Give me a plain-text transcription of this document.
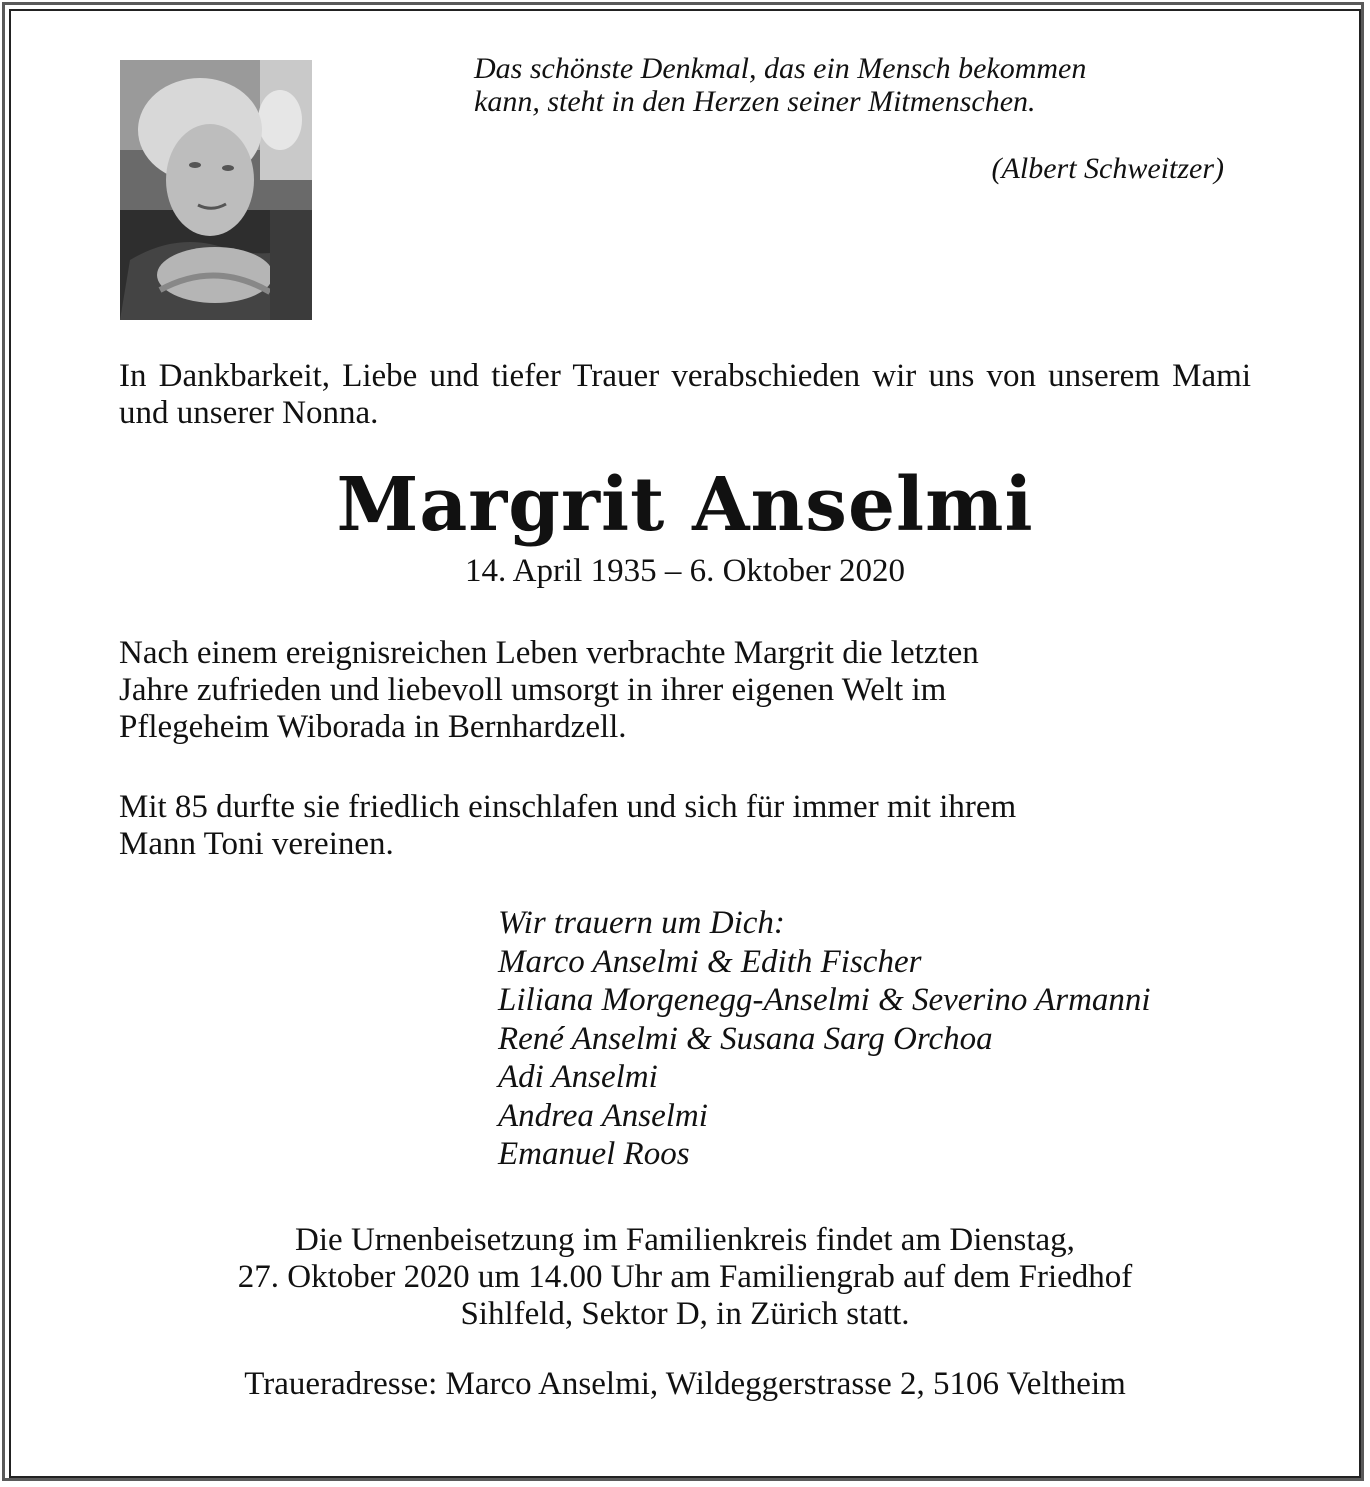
Das schönste Denkmal, das ein Mensch bekommen
kann, steht in den Herzen seiner Mitmenschen.
(Albert Schweitzer)
In Dankbarkeit, Liebe und tiefer Trauer verabschieden wir uns von unserem Mami und unserer Nonna.
Margrit Anselmi
14. April 1935 – 6. Oktober 2020
Nach einem ereignisreichen Leben verbrachte Margrit die letzten
Jahre zufrieden und liebevoll umsorgt in ihrer eigenen Welt im
Pflegeheim Wiborada in Bernhardzell.
Mit 85 durfte sie friedlich einschlafen und sich für immer mit ihrem
Mann Toni vereinen.
Wir trauern um Dich:
Marco Anselmi & Edith Fischer
Liliana Morgenegg-Anselmi & Severino Armanni
René Anselmi & Susana Sarg Orchoa
Adi Anselmi
Andrea Anselmi
Emanuel Roos
Die Urnenbeisetzung im Familienkreis findet am Dienstag,
27. Oktober 2020 um 14.00 Uhr am Familiengrab auf dem Friedhof
Sihlfeld, Sektor D, in Zürich statt.
Traueradresse: Marco Anselmi, Wildeggerstrasse 2, 5106 Veltheim
